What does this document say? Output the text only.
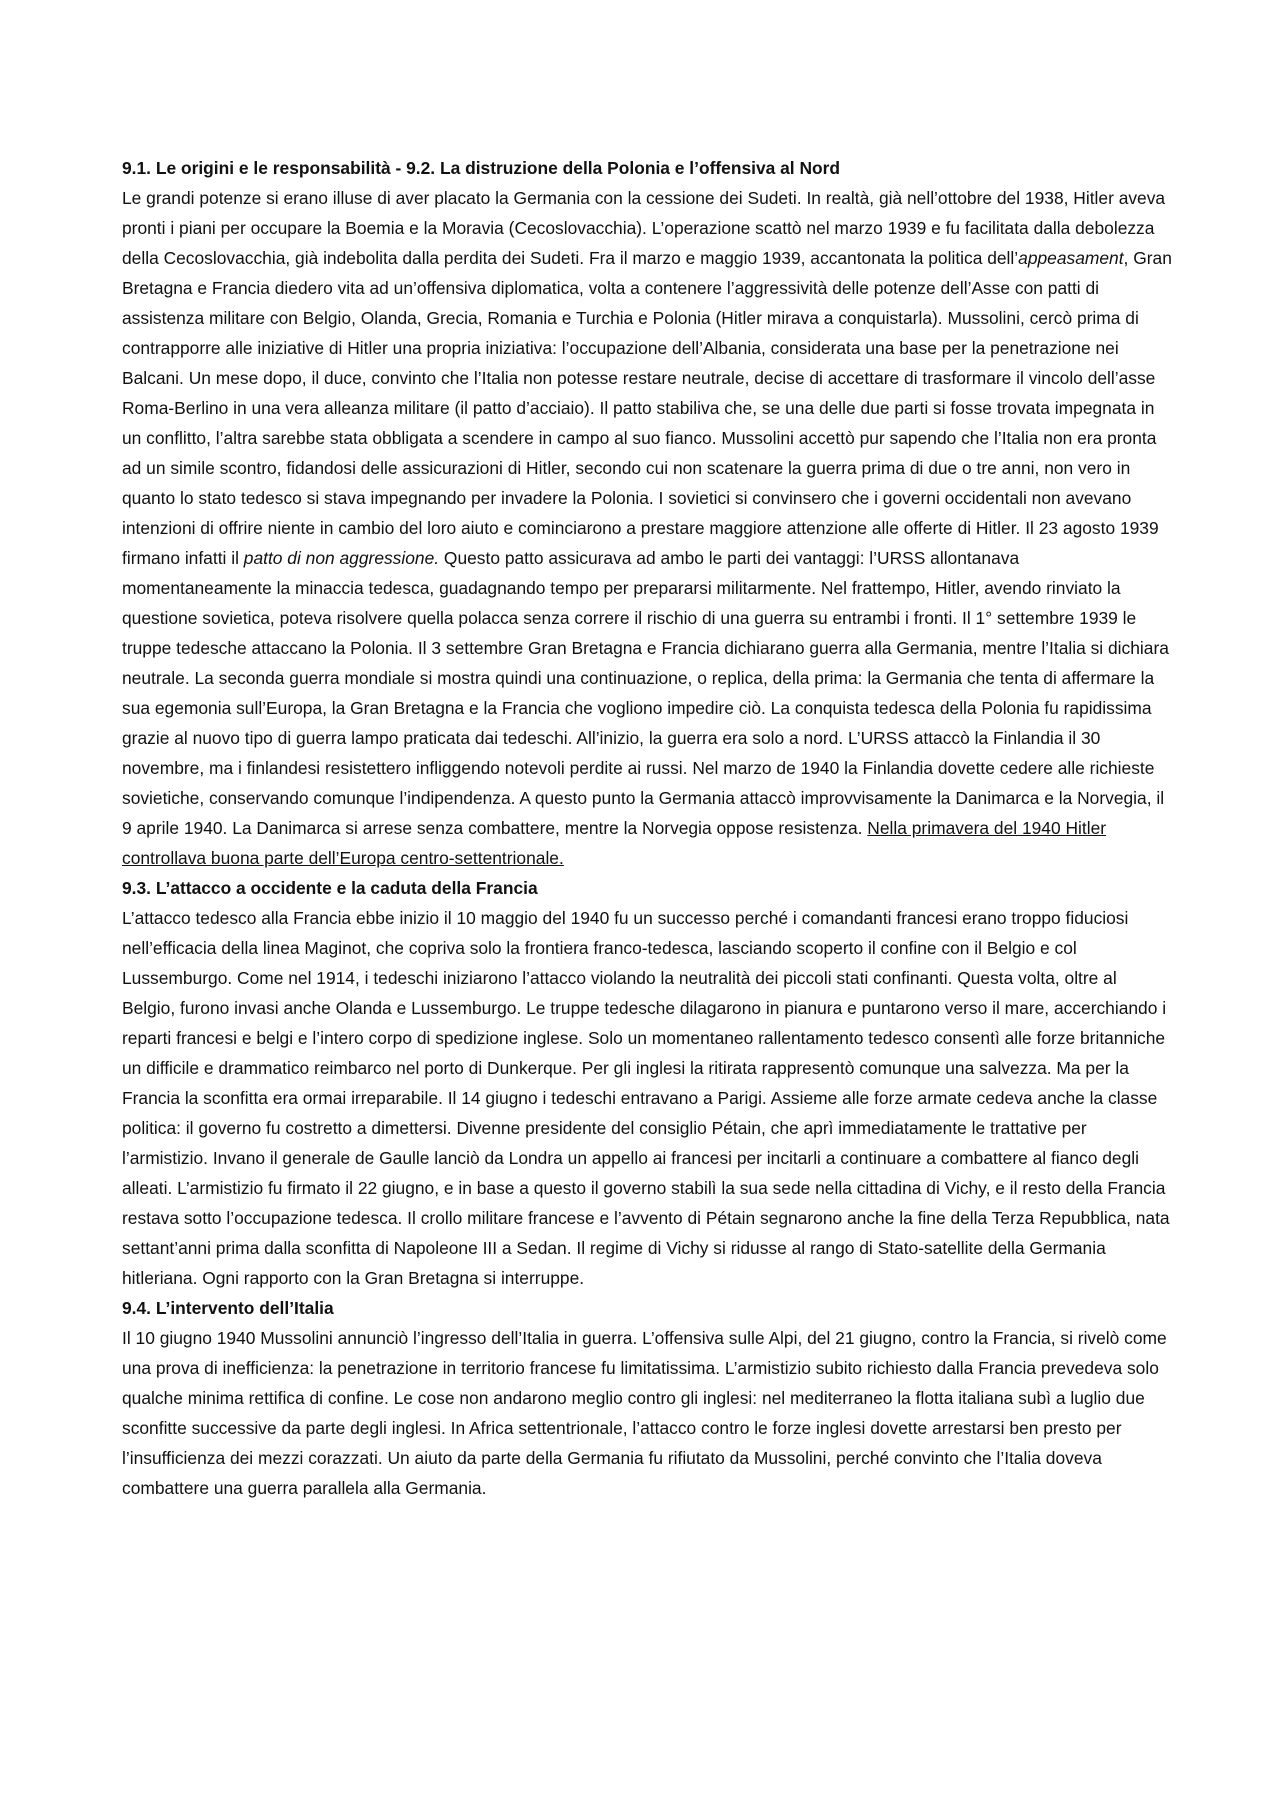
9.1. Le origini e le responsabilità - 9.2. La distruzione della Polonia e l’offensiva al Nord

Le grandi potenze si erano illuse di aver placato la Germania con la cessione dei Sudeti. In realtà, già nell’ottobre del 1938, Hitler aveva pronti i piani per occupare la Boemia e la Moravia (Cecoslovacchia). L’operazione scattò nel marzo 1939 e fu facilitata dalla debolezza della Cecoslovacchia, già indebolita dalla perdita dei Sudeti. Fra il marzo e maggio 1939, accantonata la politica dell’appeasament, Gran Bretagna e Francia diedero vita ad un’offensiva diplomatica, volta a contenere l’aggressività delle potenze dell’Asse con patti di assistenza militare con Belgio, Olanda, Grecia, Romania e Turchia e Polonia (Hitler mirava a conquistarla). Mussolini, cercò prima di contrapporre alle iniziative di Hitler una propria iniziativa: l’occupazione dell’Albania, considerata una base per la penetrazione nei Balcani. Un mese dopo, il duce, convinto che l’Italia non potesse restare neutrale, decise di accettare di trasformare il vincolo dell’asse Roma-Berlino in una vera alleanza militare (il patto d’acciaio). Il patto stabiliva che, se una delle due parti si fosse trovata impegnata in un conflitto, l’altra sarebbe stata obbligata a scendere in campo al suo fianco. Mussolini accettò pur sapendo che l’Italia non era pronta ad un simile scontro, fidandosi delle assicurazioni di Hitler, secondo cui non scatenare la guerra prima di due o tre anni, non vero in quanto lo stato tedesco si stava impegnando per invadere la Polonia. I sovietici si convinsero che i governi occidentali non avevano intenzioni di offrire niente in cambio del loro aiuto e cominciarono a prestare maggiore attenzione alle offerte di Hitler. Il 23 agosto 1939 firmano infatti il patto di non aggressione. Questo patto assicurava ad ambo le parti dei vantaggi: l’URSS allontanava momentaneamente la minaccia tedesca, guadagnando tempo per prepararsi militarmente. Nel frattempo, Hitler, avendo rinviato la questione sovietica, poteva risolvere quella polacca senza correre il rischio di una guerra su entrambi i fronti. Il 1° settembre 1939 le truppe tedesche attaccano la Polonia. Il 3 settembre Gran Bretagna e Francia dichiarano guerra alla Germania, mentre l’Italia si dichiara neutrale. La seconda guerra mondiale si mostra quindi una continuazione, o replica, della prima: la Germania che tenta di affermare la sua egemonia sull’Europa, la Gran Bretagna e la Francia che vogliono impedire ciò. La conquista tedesca della Polonia fu rapidissima grazie al nuovo tipo di guerra lampo praticata dai tedeschi. All’inizio, la guerra era solo a nord. L’URSS attaccò la Finlandia il 30 novembre, ma i finlandesi resistettero infliggendo notevoli perdite ai russi. Nel marzo de 1940 la Finlandia dovette cedere alle richieste sovietiche, conservando comunque l’indipendenza. A questo punto la Germania attaccò improvvisamente la Danimarca e la Norvegia, il 9 aprile 1940. La Danimarca si arrese senza combattere, mentre la Norvegia oppose resistenza. Nella primavera del 1940 Hitler controllava buona parte dell’Europa centro-settentrionale.

9.3. L’attacco a occidente e la caduta della Francia

L’attacco tedesco alla Francia ebbe inizio il 10 maggio del 1940 fu un successo perché i comandanti francesi erano troppo fiduciosi nell’efficacia della linea Maginot, che copriva solo la frontiera franco-tedesca, lasciando scoperto il confine con il Belgio e col Lussemburgo. Come nel 1914, i tedeschi iniziarono l’attacco violando la neutralità dei piccoli stati confinanti. Questa volta, oltre al Belgio, furono invasi anche Olanda e Lussemburgo. Le truppe tedesche dilagarono in pianura e puntarono verso il mare, accerchiando i reparti francesi e belgi e l’intero corpo di spedizione inglese. Solo un momentaneo rallentamento tedesco consentì alle forze britanniche un difficile e drammatico reimbarco nel porto di Dunkerque. Per gli inglesi la ritirata rappresentò comunque una salvezza. Ma per la Francia la sconfitta era ormai irreparabile. Il 14 giugno i tedeschi entravano a Parigi. Assieme alle forze armate cedeva anche la classe politica: il governo fu costretto a dimettersi. Divenne presidente del consiglio Pétain, che aprì immediatamente le trattative per l’armistizio. Invano il generale de Gaulle lanciò da Londra un appello ai francesi per incitarli a continuare a combattere al fianco degli alleati. L’armistizio fu firmato il 22 giugno, e in base a questo il governo stabilì la sua sede nella cittadina di Vichy, e il resto della Francia restava sotto l’occupazione tedesca. Il crollo militare francese e l’avvento di Pétain segnarono anche la fine della Terza Repubblica, nata settant’anni prima dalla sconfitta di Napoleone III a Sedan. Il regime di Vichy si ridusse al rango di Stato-satellite della Germania hitleriana. Ogni rapporto con la Gran Bretagna si interruppe.

9.4. L’intervento dell’Italia

Il 10 giugno 1940 Mussolini annunciò l’ingresso dell’Italia in guerra. L’offensiva sulle Alpi, del 21 giugno, contro la Francia, si rivelò come una prova di inefficienza: la penetrazione in territorio francese fu limitatissima. L’armistizio subito richiesto dalla Francia prevedeva solo qualche minima rettifica di confine. Le cose non andarono meglio contro gli inglesi: nel mediterraneo la flotta italiana subì a luglio due sconfitte successive da parte degli inglesi. In Africa settentrionale, l’attacco contro le forze inglesi dovette arrestarsi ben presto per l’insufficienza dei mezzi corazzati. Un aiuto da parte della Germania fu rifiutato da Mussolini, perché convinto che l’Italia doveva combattere una guerra parallela alla Germania.
